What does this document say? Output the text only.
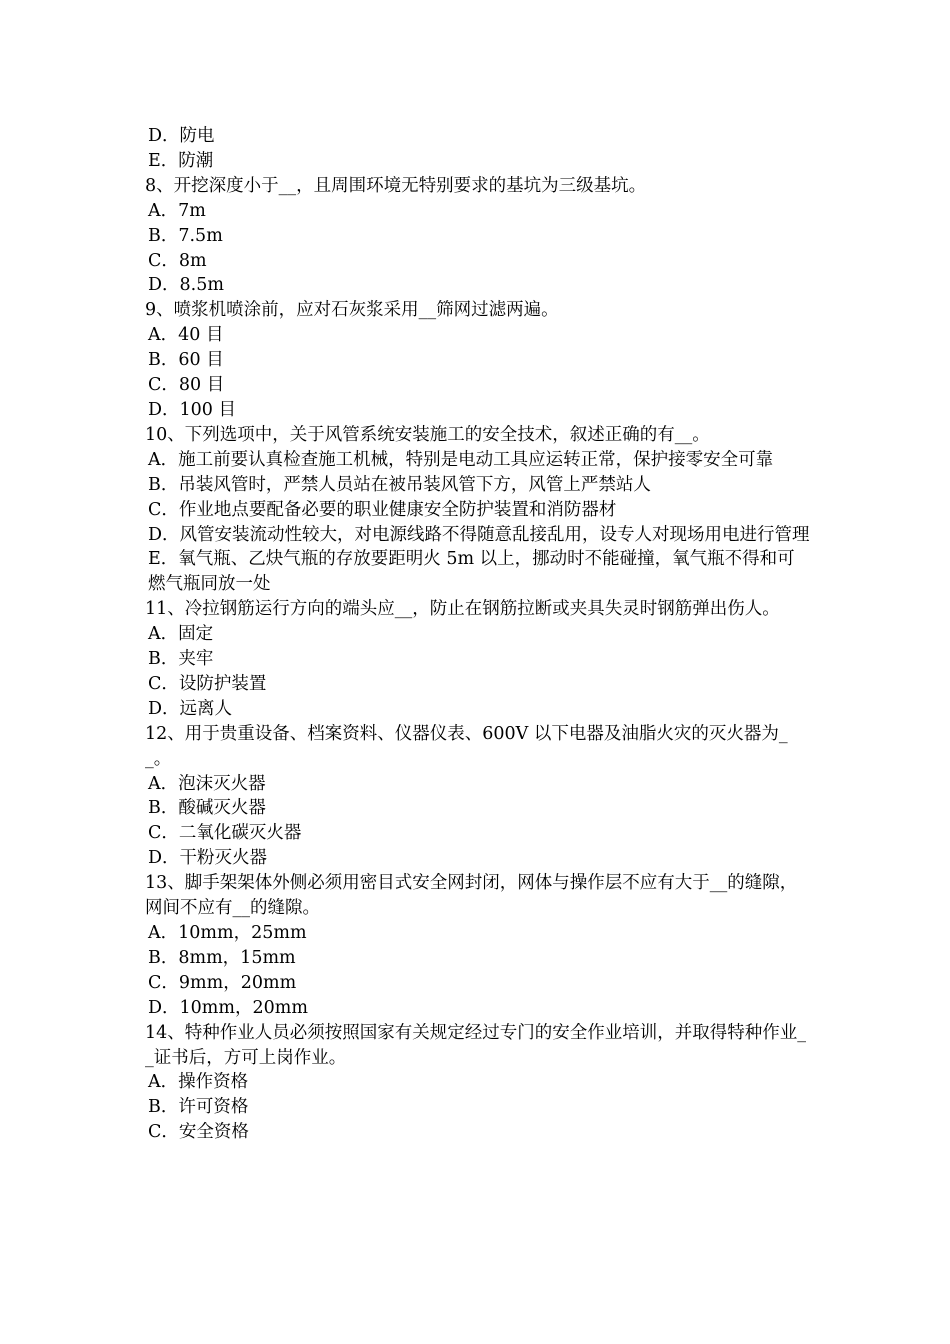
D．防电

E．防潮

8、开挖深度小于__，且周围环境无特别要求的基坑为三级基坑。

A．7m

B．7.5m

C．8m

D．8.5m

9、喷浆机喷涂前，应对石灰浆采用__筛网过滤两遍。

A．40 目

B．60 目

C．80 目

D．100 目

10、下列选项中，关于风管系统安装施工的安全技术，叙述正确的有__。

A．施工前要认真检查施工机械，特别是电动工具应运转正常，保护接零安全可靠

B．吊装风管时，严禁人员站在被吊装风管下方，风管上严禁站人

C．作业地点要配备必要的职业健康安全防护装置和消防器材

D．风管安装流动性较大，对电源线路不得随意乱接乱用，设专人对现场用电进行管理

E．氧气瓶、乙炔气瓶的存放要距明火 5m 以上，挪动时不能碰撞，氧气瓶不得和可燃气瓶同放一处

11、冷拉钢筋运行方向的端头应__，防止在钢筋拉断或夹具失灵时钢筋弹出伤人。

A．固定

B．夹牢

C．设防护装置

D．远离人

12、用于贵重设备、档案资料、仪器仪表、600V 以下电器及油脂火灾的灭火器为__。

A．泡沫灭火器

B．酸碱灭火器

C．二氧化碳灭火器

D．干粉灭火器

13、脚手架架体外侧必须用密目式安全网封闭，网体与操作层不应有大于__的缝隙，网间不应有__的缝隙。

A．10mm，25mm

B．8mm，15mm

C．9mm，20mm

D．10mm，20mm

14、特种作业人员必须按照国家有关规定经过专门的安全作业培训，并取得特种作业__证书后，方可上岗作业。

A．操作资格

B．许可资格

C．安全资格
